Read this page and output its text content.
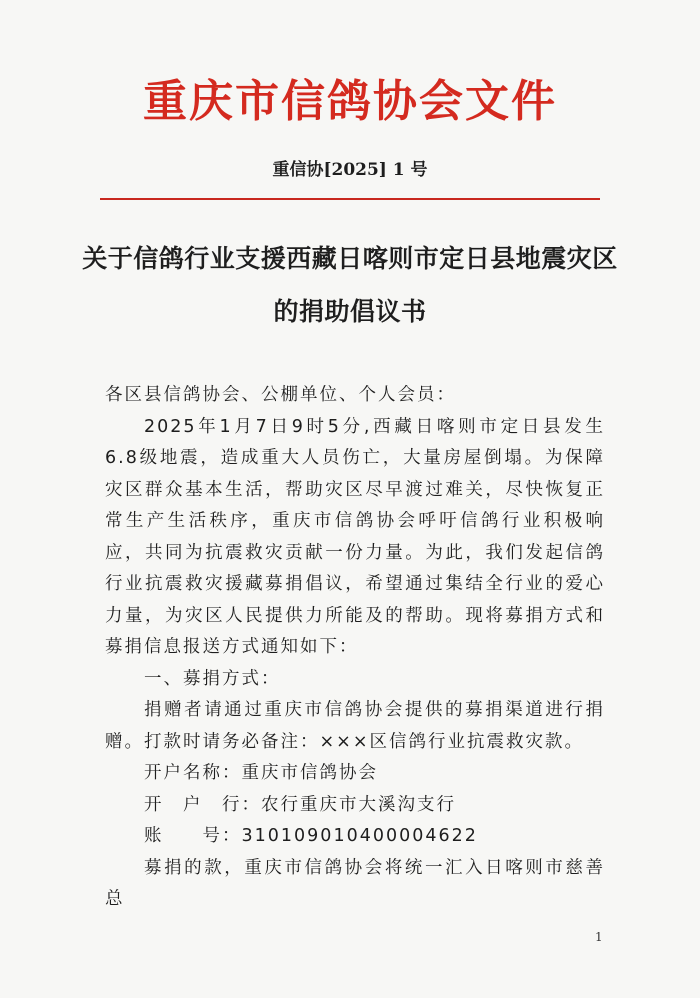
重庆市信鸽协会文件
重信协[2025] 1 号
关于信鸽行业支援西藏日喀则市定日县地震灾区
的捐助倡议书

各区县信鸽协会、公棚单位、个人会员：

2025年1月7日9时5分,西藏日喀则市定日县发生 6.8级地震，造成重大人员伤亡，大量房屋倒塌。为保障灾区群众基本生活，帮助灾区尽早渡过难关，尽快恢复正常生产生活秩序，重庆市信鸽协会呼吁信鸽行业积极响应，共同为抗震救灾贡献一份力量。为此，我们发起信鸽行业抗震救灾援藏募捐倡议，希望通过集结全行业的爱心力量，为灾区人民提供力所能及的帮助。现将募捐方式和募捐信息报送方式通知如下：

一、募捐方式：

捐赠者请通过重庆市信鸽协会提供的募捐渠道进行捐赠。打款时请务必备注：×××区信鸽行业抗震救灾款。

开户名称：重庆市信鸽协会

开　户　行：农行重庆市大溪沟支行

账　　号：310109010400004622

募捐的款，重庆市信鸽协会将统一汇入日喀则市慈善总

1
